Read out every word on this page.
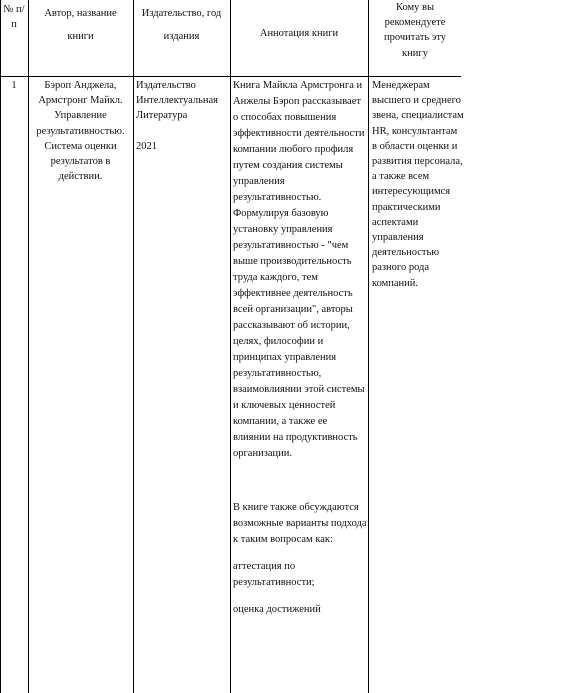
№ п/п
Автор, название книги
Издательство, год издания	Аннотация книги
Кому вы рекомендуете прочитать эту книгу
1	Бэроп Анджела, Армстронг Майкл. Управление результативностью. Система оценки результатов в действии.

Издательство Интеллектуальная Литература

2021

Книга Майкла Армстронга и Анжелы Бэроп рассказывает о способах повышения эффективности деятельности компании любого профиля путем создания системы управления результативностью. Формулируя базовую установку управления результативностью - "чем выше производительность труда каждого, тем эффективнее деятельность всей организации", авторы рассказывают об истории, целях, философии и принципах управления результативностью, взаимовлиянии этой системы и ключевых ценностей компании, а также ее влиянии на продуктивность организации.

В книге также обсуждаются возможные варианты подхода к таким вопросам как:

аттестация по результативности;

оценка достижений

Менеджерам высшего и среднего звена, специалистам HR, консультантам в области оценки и развития персонала, а также всем интересующимся практическими аспектами управления деятельностью разного рода компаний.
